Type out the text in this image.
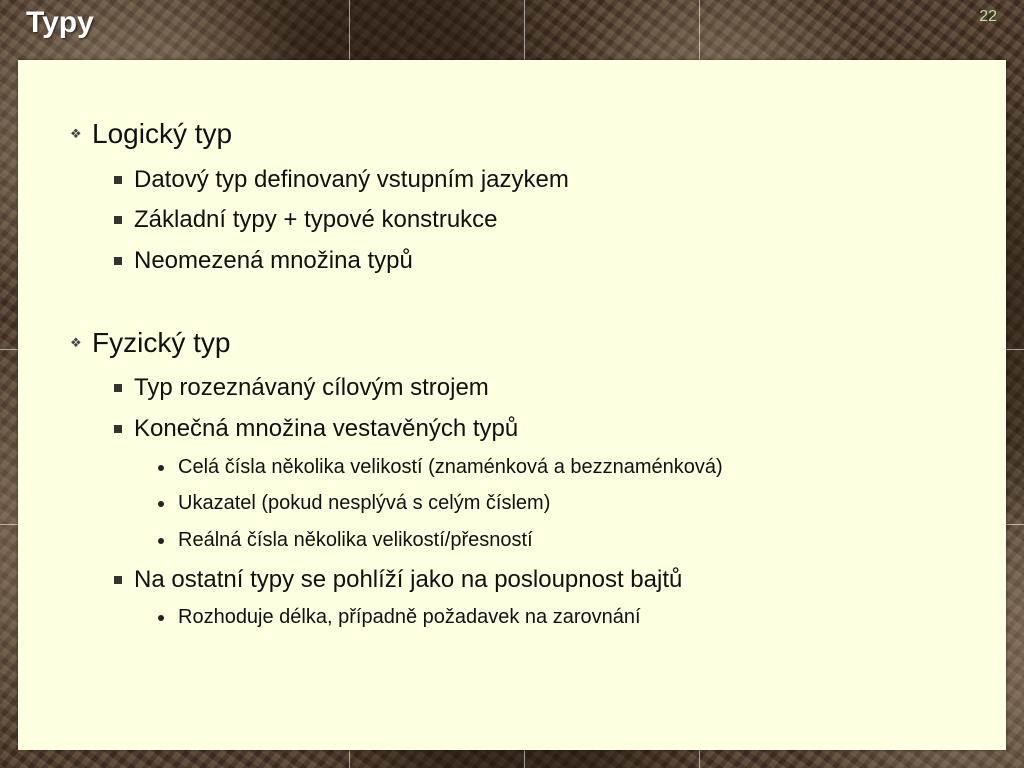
Typy	22
❖ Logický typ
Datový typ definovaný vstupním jazykem
Základní typy + typové konstrukce
Neomezená množina typů
❖ Fyzický typ
Typ rozeznávaný cílovým strojem
Konečná množina vestavěných typů
Celá čísla několika velikostí (znaménková a bezznaménková)
Ukazatel (pokud nesplývá s celým číslem)
Reálná čísla několika velikostí/přesností
Na ostatní typy se pohlíží jako na posloupnost bajtů
Rozhoduje délka, případně požadavek na zarovnání
